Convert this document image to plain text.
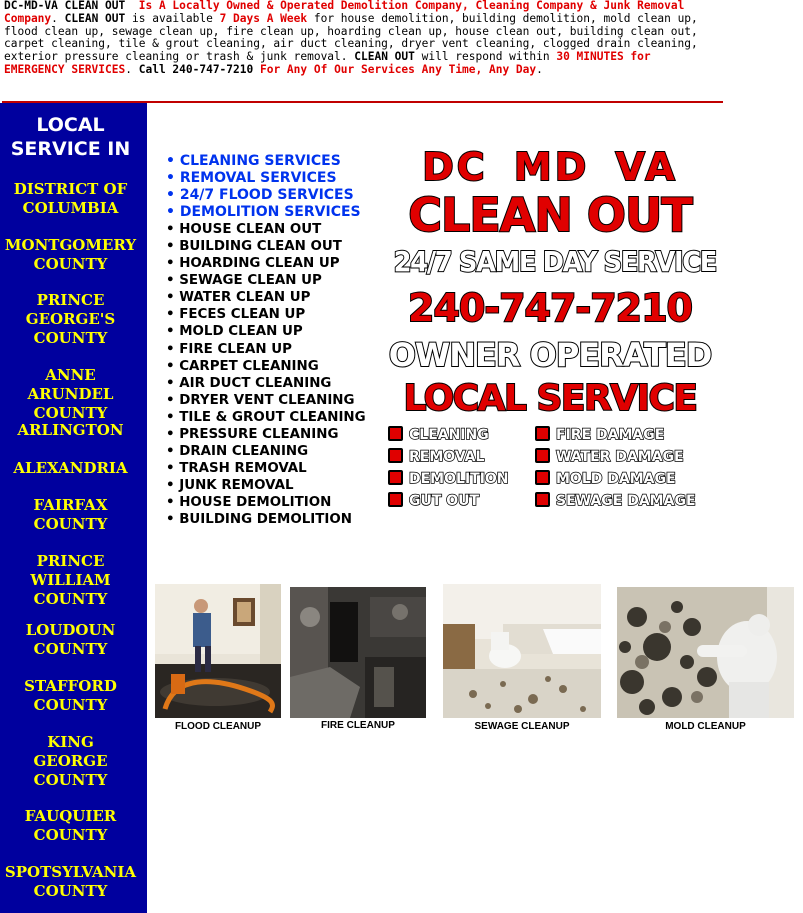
DC-MD-VA CLEAN OUT  Is A Locally Owned & Operated Demolition Company, Cleaning Company & Junk Removal Company. CLEAN OUT is available 7 Days A Week for house demolition, building demolition, mold clean up, flood clean up, sewage clean up, fire clean up, hoarding clean up, house clean out, building clean out, carpet cleaning, tile & grout cleaning, air duct cleaning, dryer vent cleaning, clogged drain cleaning, exterior pressure cleaning or trash & junk removal. CLEAN OUT will respond within 30 MINUTES for EMERGENCY SERVICES. Call 240-747-7210 For Any Of Our Services Any Time, Any Day.
LOCAL
SERVICE IN
DISTRICT OF
COLUMBIA
MONTGOMERY
COUNTY
PRINCE
GEORGE'S
COUNTY
ANNE ARUNDEL
COUNTY
ARLINGTON
ALEXANDRIA
FAIRFAX
COUNTY
PRINCE
WILLIAM
COUNTY
LOUDOUN
COUNTY
STAFFORD
COUNTY
KING
GEORGE
COUNTY
FAUQUIER
COUNTY
SPOTSYLVANIA
COUNTY
• CLEANING SERVICES
• REMOVAL SERVICES
• 24/7 FLOOD SERVICES
• DEMOLITION SERVICES
• HOUSE CLEAN OUT
• BUILDING CLEAN OUT
• HOARDING CLEAN UP
• SEWAGE CLEAN UP
• WATER CLEAN UP
• FECES CLEAN UP
• MOLD CLEAN UP
• FIRE CLEAN UP
• CARPET CLEANING
• AIR DUCT CLEANING
• DRYER VENT CLEANING
• TILE & GROUT CLEANING
• PRESSURE CLEANING
• DRAIN CLEANING
• TRASH REMOVAL
• JUNK REMOVAL
• HOUSE DEMOLITION
• BUILDING DEMOLITION
DC MD VA
CLEAN OUT
24/7 SAME DAY SERVICE
240-747-7210
OWNER OPERATED
LOCAL SERVICE
CLEANING
REMOVAL
DEMOLITION
GUT OUT
FIRE DAMAGE
WATER DAMAGE
MOLD DAMAGE
SEWAGE DAMAGE
FLOOD CLEANUP	FIRE CLEANUP	SEWAGE CLEANUP	MOLD CLEANUP
